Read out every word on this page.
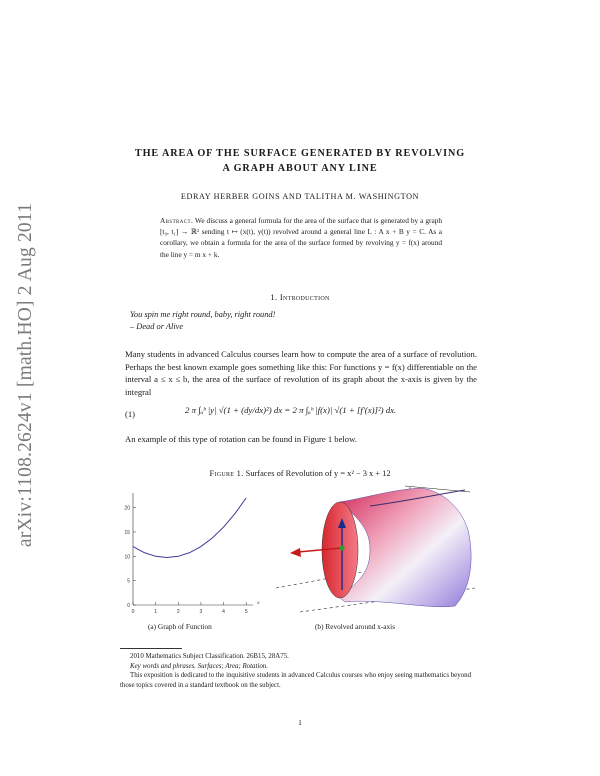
arXiv:1108.2624v1 [math.HO] 2 Aug 2011
THE AREA OF THE SURFACE GENERATED BY REVOLVING
A GRAPH ABOUT ANY LINE
EDRAY HERBER GOINS AND TALITHA M. WASHINGTON
Abstract. We discuss a general formula for the area of the surface that is generated by a graph [t₀, t₁] → ℝ² sending t ↦ (x(t), y(t)) revolved around a general line L : A x + B y = C. As a corollary, we obtain a formula for the area of the surface formed by revolving y = f(x) around the line y = m x + k.
1. Introduction
You spin me right round, baby, right round!
– Dead or Alive
Many students in advanced Calculus courses learn how to compute the area of a surface of revolution. Perhaps the best known example goes something like this: For functions y = f(x) differentiable on the interval a ≤ x ≤ b, the area of the surface of revolution of its graph about the x-axis is given by the integral
(1)	2 π ∫ₐᵇ |y| √(1 + (dy/dx)²) dx = 2 π ∫ₐᵇ |f(x)| √(1 + [f′(x)]²) dx.
An example of this type of rotation can be found in Figure 1 below.
Figure 1. Surfaces of Revolution of y = x² − 3 x + 12
0	1	2	3	4	5
0
5
10
15
20
x
(a) Graph of Function	(b) Revolved around x-axis
2010 Mathematics Subject Classification. 26B15, 28A75.
Key words and phrases. Surfaces; Area; Rotation.
This exposition is dedicated to the inquisitive students in advanced Calculus courses who enjoy seeing mathematics beyond those topics covered in a standard textbook on the subject.
1
